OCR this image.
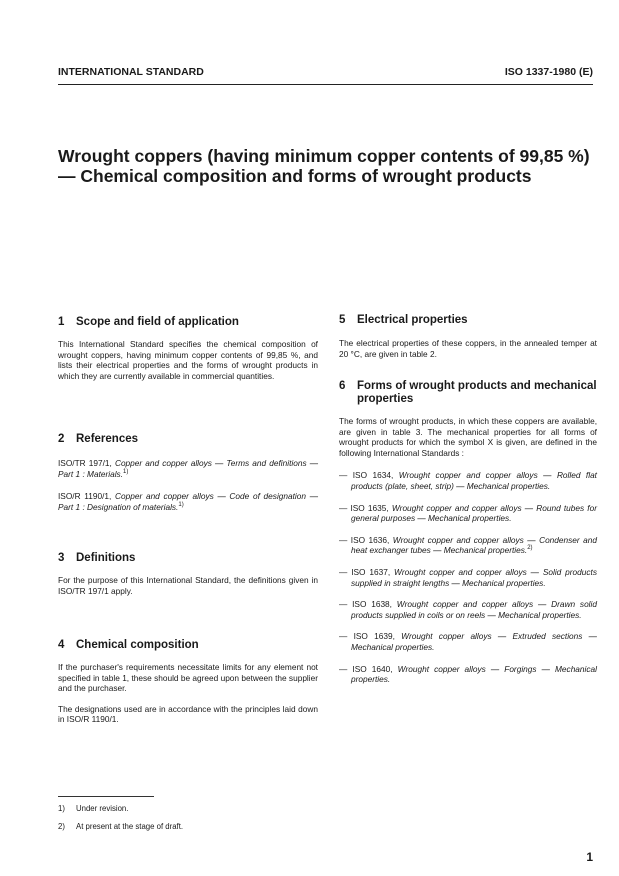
INTERNATIONAL STANDARD	ISO 1337-1980 (E)
Wrought coppers (having minimum copper contents of 99,85 %) — Chemical composition and forms of wrought products
1	Scope and field of application

This International Standard specifies the chemical composition of wrought coppers, having minimum copper contents of 99,85 %, and lists their electrical properties and the forms of wrought products in which they are currently available in commercial quantities.

2	References

ISO/TR 197/1, Copper and copper alloys — Terms and definitions — Part 1 : Materials.$^{1)}$

ISO/R 1190/1, Copper and copper alloys — Code of designation — Part 1 : Designation of materials.$^{1)}$

3	Definitions

For the purpose of this International Standard, the definitions given in ISO/TR 197/1 apply.

4	Chemical composition

If the purchaser's requirements necessitate limits for any element not specified in table 1, these should be agreed upon between the supplier and the purchaser.

The designations used are in accordance with the principles laid down in ISO/R 1190/1.

5	Electrical properties

The electrical properties of these coppers, in the annealed temper at 20 °C, are given in table 2.

6	Forms of wrought products and mechanical properties

The forms of wrought products, in which these coppers are available, are given in table 3. The mechanical properties for all forms of wrought products for which the symbol X is given, are defined in the following International Standards :

— ISO 1634, Wrought copper and copper alloys — Rolled flat products (plate, sheet, strip) — Mechanical properties.

— ISO 1635, Wrought copper and copper alloys — Round tubes for general purposes — Mechanical properties.

— ISO 1636, Wrought copper and copper alloys — Condenser and heat exchanger tubes — Mechanical properties.$^{2)}$

— ISO 1637, Wrought copper and copper alloys — Solid products supplied in straight lengths — Mechanical properties.

— ISO 1638, Wrought copper and copper alloys — Drawn solid products supplied in coils or on reels — Mechanical properties.

— ISO 1639, Wrought copper alloys — Extruded sections — Mechanical properties.

— ISO 1640, Wrought copper alloys — Forgings — Mechanical properties.

1) Under revision.
2) At present at the stage of draft.
1
